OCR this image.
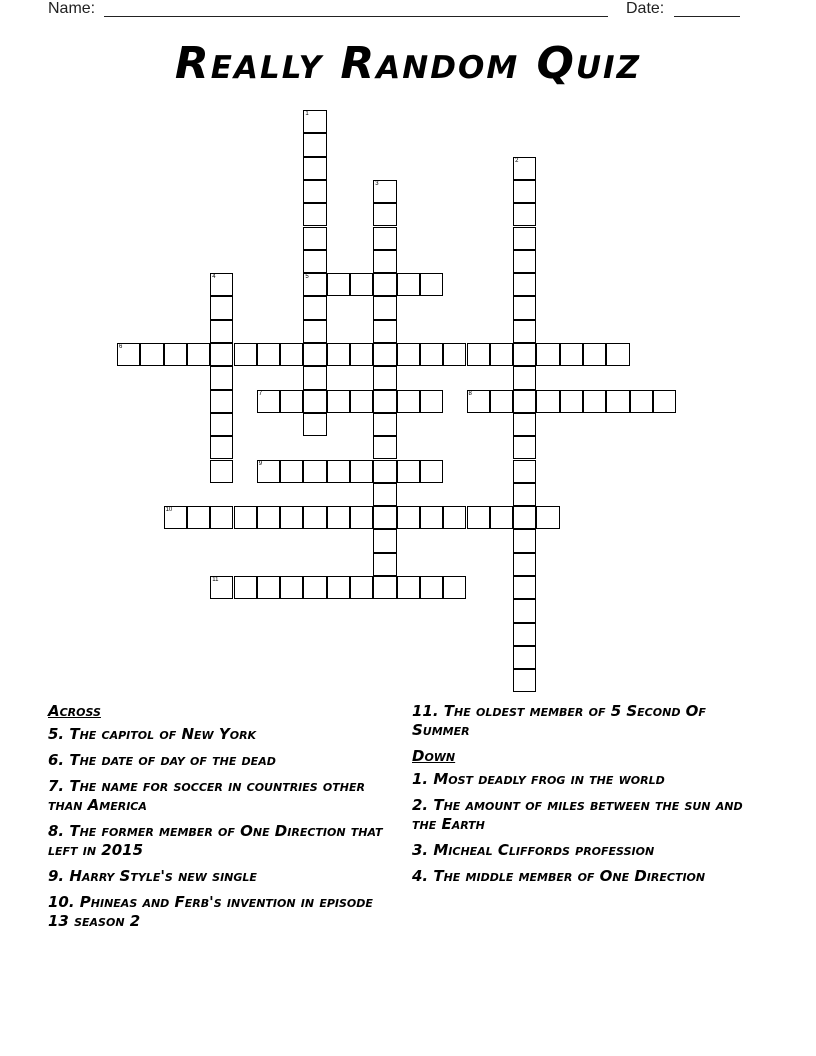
Name:	Date:
Really Random Quiz
1
5
2
3
4
6
7	8
9
10
11
Across
5. The capitol of New York
6. The date of day of the dead
7. The name for soccer in countries other than America
8. The former member of One Direction that left in 2015
9. Harry Style's new single
10. Phineas and Ferb's invention in episode 13 season 2
11. The oldest member of 5 Second Of Summer
Down
1. Most deadly frog in the world
2. The amount of miles between the sun and the Earth
3. Micheal Cliffords profession
4. The middle member of One Direction
